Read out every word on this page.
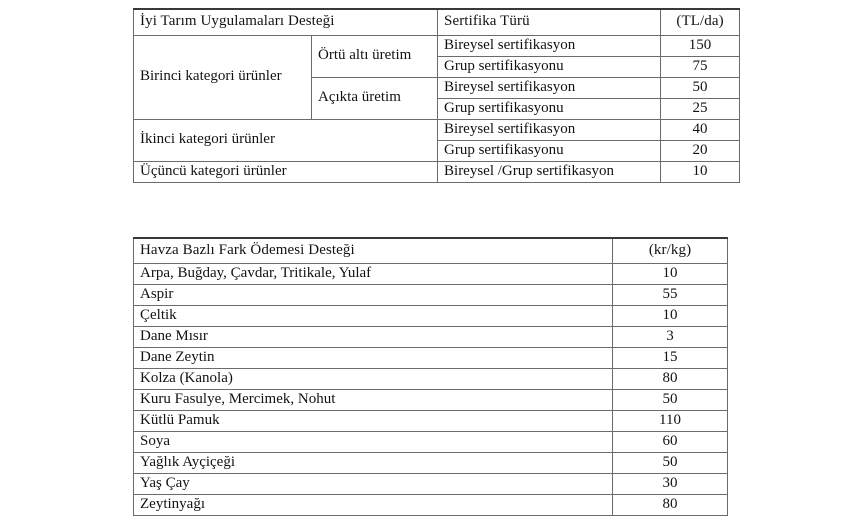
İyi Tarım Uygulamaları Desteği		Sertifika Türü	(TL/da)
Birinci kategori ürünler	Örtü altı üretim	Bireysel sertifikasyon	150
		Grup sertifikasyonu	75
	Açıkta üretim	Bireysel sertifikasyon	50
		Grup sertifikasyonu	25
İkinci kategori ürünler		Bireysel sertifikasyon	40
		Grup sertifikasyonu	20
Üçüncü kategori ürünler		Bireysel /Grup sertifikasyon	10
Havza Bazlı Fark Ödemesi Desteği	(kr/kg)
Arpa, Buğday, Çavdar, Tritikale, Yulaf	10
Aspir	55
Çeltik	10
Dane Mısır	3
Dane Zeytin	15
Kolza (Kanola)	80
Kuru Fasulye, Mercimek, Nohut	50
Kütlü Pamuk	110
Soya	60
Yağlık Ayçiçeği	50
Yaş Çay	30
Zeytinyağı	80
